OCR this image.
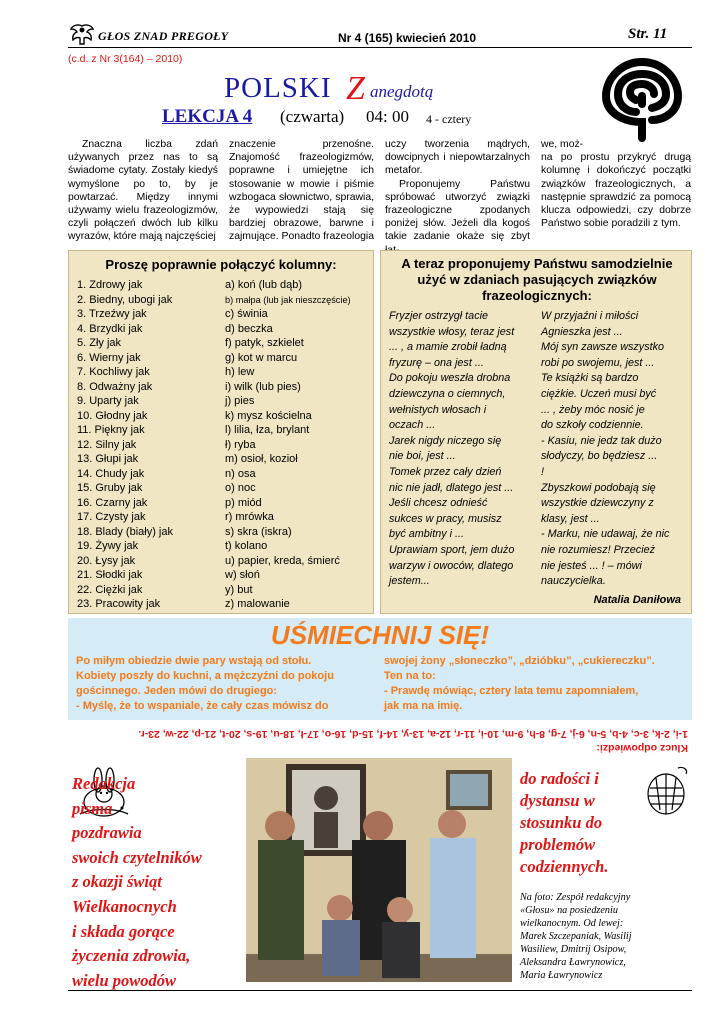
GŁOS ZNAD PREGOŁY	Nr 4 (165) kwiecień 2010	Str. 11
(c.d. z Nr 3(164) – 2010)
POLSKI Z anegdotą
LEKCJA 4 (czwarta) 04: 00 4 - cztery

Znaczna liczba zdań używanych przez nas to są świadome cytaty. Zostały kiedyś wymyślone po to, by je powtarzać. Między innymi używamy wielu frazeologizmów, czyli połączeń dwóch lub kilku wyrazów, które mają najczęściej

znaczenie przenośne. Znajomość frazeologizmów, poprawne i umiejętne ich stosowanie w mowie i piśmie wzbogaca słownictwo, sprawia, że wypowiedzi stają się bardziej obrazowe, barwne i zajmujące. Ponadto frazeologia

uczy tworzenia mądrych, dowcipnych i niepowtarzalnych metafor.

Proponujemy Państwu spróbować utworzyć związki frazeologiczne zpodanych poniżej słów. Jeżeli dla kogoś takie zadanie okaże się zbyt

we, moż-

na po prostu przykryć drugą kolumnę i dokończyć początki związków frazeologicznych, a następnie sprawdzić za pomocą klucza odpowiedzi, czy dobrze Państwo sobie poradzili z tym.

Proszę poprawnie połączyć kolumny:
1. Zdrowy jak
2. Biedny, ubogi jak
3. Trzeźwy jak
4. Brzydki jak
5. Zły jak
6. Wierny jak
7. Kochliwy jak
8. Odważny jak
9. Uparty jak
10. Głodny jak
11. Piękny jak
12. Silny jak
13. Głupi jak
14. Chudy jak
15. Gruby jak
16. Czarny jak
17. Czysty jak
18. Blady (biały) jak
19. Żywy jak
20. Łysy jak
21. Słodki jak
22. Ciężki jak
23. Pracowity jak
a) koń (lub dąb)
b) małpa (lub jak nieszczęście)
c) świnia
d) beczka
f) patyk, szkielet
g) kot w marcu
h) lew
i) wilk (lub pies)
j) pies
k) mysz kościelna
l) lilia, łza, brylant
ł) ryba
m) osioł, kozioł
n) osa
o) noc
p) miód
r) mrówka
s) skra (iskra)
t) kolano
u) papier, kreda, śmierć
w) słoń
y) but
z) malowanie
A teraz proponujemy Państwu samodzielnie użyć w zdaniach pasujących związków frazeologicznych:
Fryzjer ostrzygł tacie
wszystkie włosy, teraz jest
... , a mamie zrobił ładną
fryzurę – ona jest ...
Do pokoju weszła drobna
dziewczyna o ciemnych,
wełnistych włosach i
oczach ...
Jarek nigdy niczego się
nie boi, jest ...
Tomek przez cały dzień
nic nie jadł, dlatego jest ...
Jeśli chcesz odnieść
sukces w pracy, musisz
być ambitny i ...
Uprawiam sport, jem dużo
warzyw i owoców, dlatego
jestem...
W przyjaźni i miłości
Agnieszka jest ...
Mój syn zawsze wszystko
robi po swojemu, jest ...
Te książki są bardzo
ciężkie. Uczeń musi być
... , żeby móc nosić je
do szkoły codziennie.
- Kasiu, nie jedz tak dużo
słodyczy, bo będziesz ...
!
Zbyszkowi podobają się
wszystkie dziewczyny z
klasy, jest ...
- Marku, nie udawaj, że nic
nie rozumiesz! Przecież
nie jesteś ... ! – mówi
nauczycielka.
Natalia Daniłowa
UŚMIECHNIJ SIĘ!
Po miłym obiedzie dwie pary wstają od stołu.
Kobiety poszły do kuchni, a mężczyźni do pokoju
gościnnego. Jeden mówi do drugiego:
- Myślę, że to wspaniale, że cały czas mówisz do
swojej żony „słoneczko”, „dzióbku”, „cukiereczku”.
Ten na to:
- Prawdę mówiąc, cztery lata temu zapomniałem,
jak ma na imię.
Klucz odpowiedzi:
1-i, 2-k, 3-c, 4-b, 5-n, 6-j, 7-g, 8-h, 9-m, 10-i, 11-r, 12-a, 13-y, 14-f, 15-d, 16-o, 17-ł, 18-u, 19-s, 20-t, 21-p, 22-w, 23-r.
Redakcja
pisma
pozdrawia
swoich czytelników
z okazji świąt
Wielkanocnych
i składa gorące
życzenia zdrowia,
wielu powodów
do radości i
dystansu w
stosunku do
problemów
codziennych.
Na foto: Zespół redakcyjny «Głosu» na posiedzeniu wielkanocnym. Od lewej: Marek Szczepaniak, Wasilij Wasiliew, Dmitrij Osipow, Aleksandra Ławrynowicz, Maria Ławrynowicz
